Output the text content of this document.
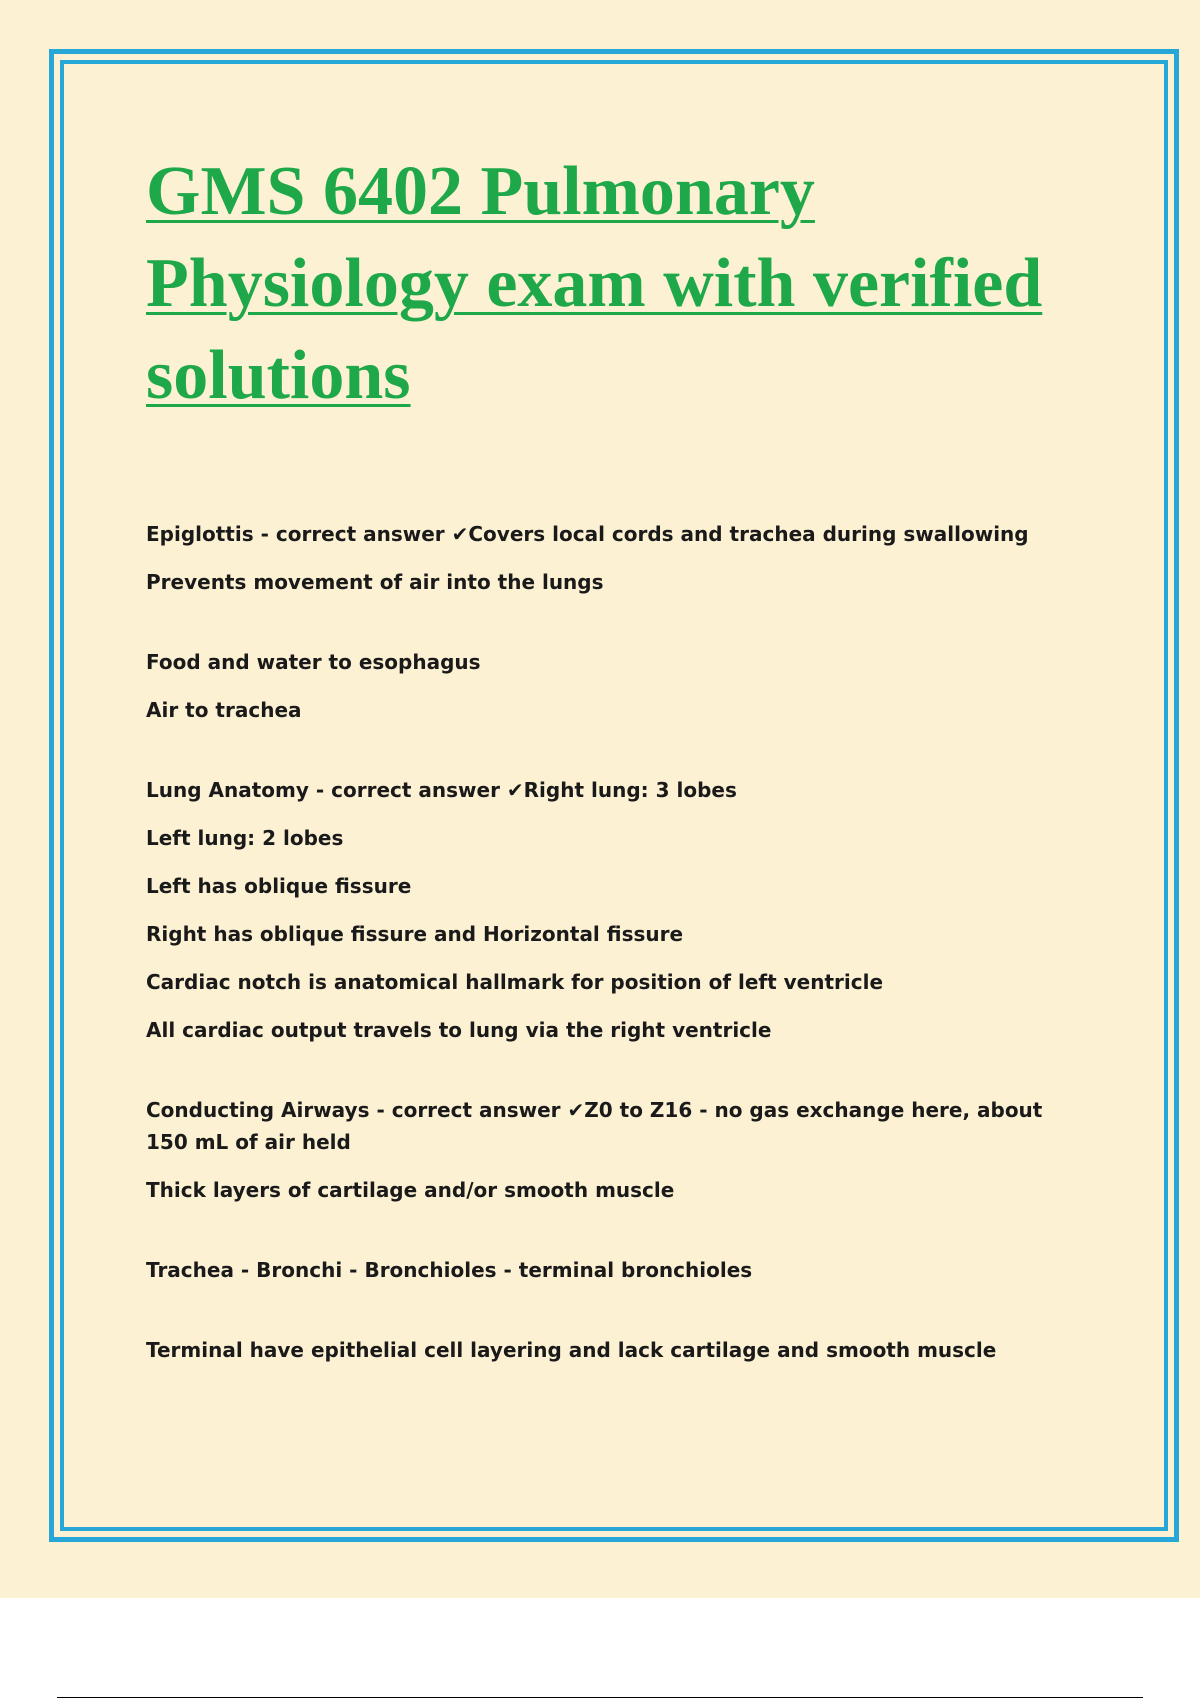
GMS 6402 Pulmonary Physiology exam with verified solutions

Epiglottis - correct answer ✔Covers local cords and trachea during swallowing

Prevents movement of air into the lungs

Food and water to esophagus

Air to trachea

Lung Anatomy - correct answer ✔Right lung: 3 lobes

Left lung: 2 lobes

Left has oblique fissure

Right has oblique fissure and Horizontal fissure

Cardiac notch is anatomical hallmark for position of left ventricle

All cardiac output travels to lung via the right ventricle

Conducting Airways - correct answer ✔Z0 to Z16 - no gas exchange here, about 150 mL of air held

Thick layers of cartilage and/or smooth muscle

Trachea - Bronchi - Bronchioles - terminal bronchioles

Terminal have epithelial cell layering and lack cartilage and smooth muscle
